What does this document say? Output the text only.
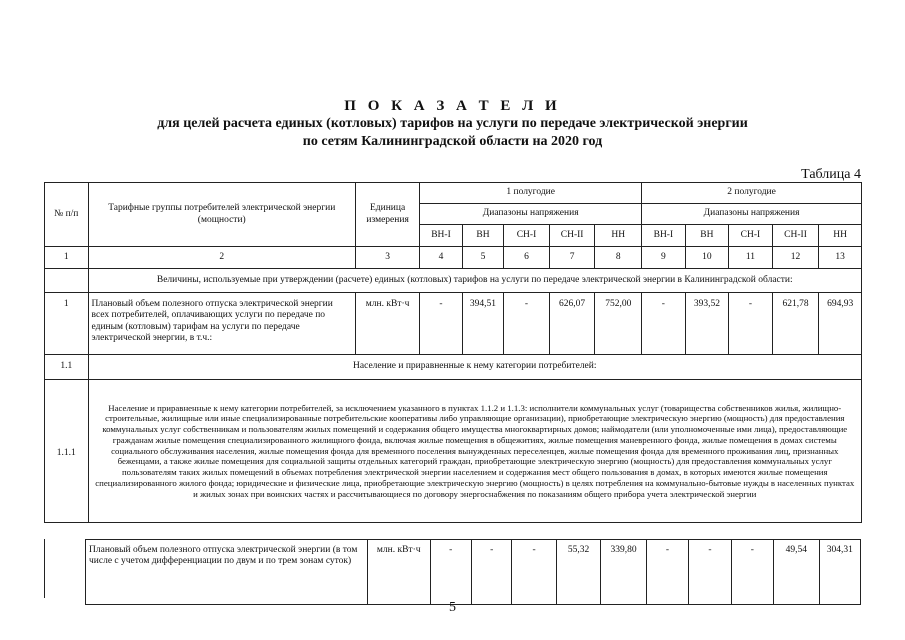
П О К А З А Т Е Л И
для целей расчета единых (котловых) тарифов на услуги по передаче электрической энергии
по сетям Калининградской области на 2020 год
Таблица 4
№ п/п	Тарифные группы потребителей электрической энергии (мощности)	Единица измерения	1 полугодие					2 полугодие				
			Диапазоны напряжения					Диапазоны напряжения				
			ВН-I	ВН	СН-I	СН-II	НН	ВН-I	ВН	СН-I	СН-II	НН
1	2	3	4	5	6	7	8	9	10	11	12	13
	Величины, используемые при утверждении (расчете) единых (котловых) тарифов на услуги по передаче электрической энергии в Калининградской области:											
1	Плановый объем полезного отпуска электрической энергии всех потребителей, оплачивающих услуги по передаче по единым (котловым) тарифам на услуги по передаче электрической энергии, в т.ч.:	млн. кВт·ч	-	394,51	-	626,07	752,00	-	393,52	-	621,78	694,93
1.1	Население и приравненные к нему категории потребителей:											
1.1.1	Население и приравненные к нему категории потребителей, за исключением указанного в пунктах 1.1.2 и 1.1.3: исполнители коммунальных услуг (товарищества собственников жилья, жилищно-строительные, жилищные или иные специализированные потребительские кооперативы либо управляющие организации), приобретающие электрическую энергию (мощность) для предоставления коммунальных услуг собственникам и пользователям жилых помещений и содержания общего имущества многоквартирных домов; наймодатели (или уполномоченные ими лица), предоставляющие гражданам жилые помещения специализированного жилищного фонда, включая жилые помещения в общежитиях, жилые помещения маневренного фонда, жилые помещения в домах системы социального обслуживания населения, жилые помещения фонда для временного поселения вынужденных переселенцев, жилые помещения фонда для временного проживания лиц, признанных беженцами, а также жилые помещения для социальной защиты отдельных категорий граждан, приобретающие электрическую энергию (мощность) для предоставления коммунальных услуг пользователям таких жилых помещений в объемах потребления электрической энергии населением и содержания мест общего пользования в домах, в которых имеются жилые помещения специализированного жилого фонда; юридические и физические лица, приобретающие электрическую энергию (мощность) в целях потребления на коммунально-бытовые нужды в населенных пунктах и жилых зонах при воинских частях и рассчитывающиеся по договору энергоснабжения по показаниям общего прибора учета электрической энергии											
Плановый объем полезного отпуска электрической энергии (в том числе с учетом дифференциации по двум и по трем зонам суток)	млн. кВт·ч	-	-	-	55,32	339,80	-	-	-	49,54	304,31
5
